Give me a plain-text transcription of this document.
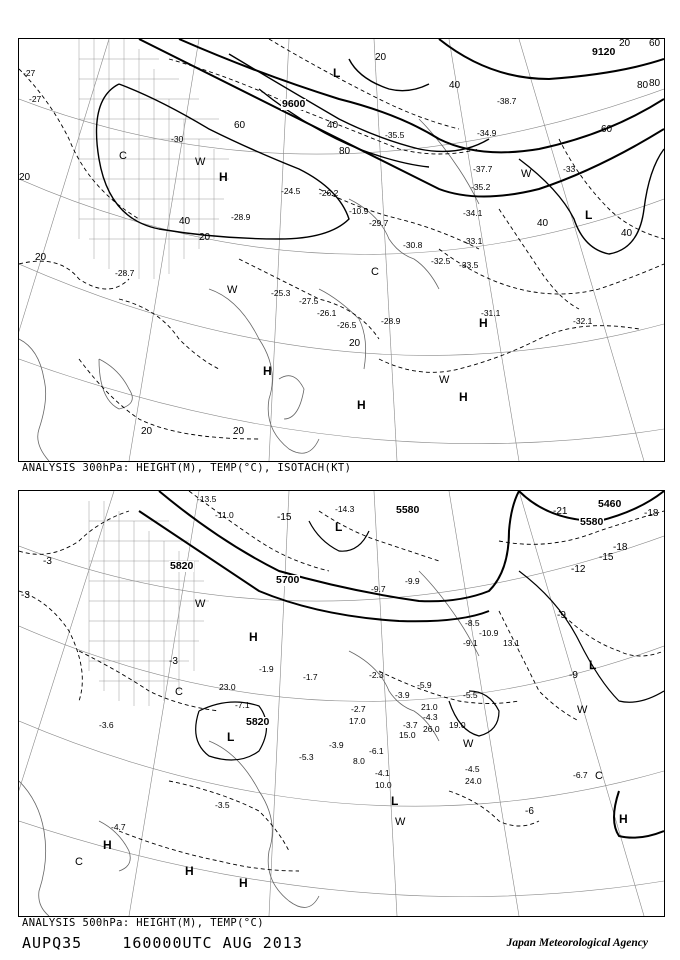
9600
9120
20
20
40
40
60
60
80
80
40
40
20
20
20	20
20
60
80
40
20
H
L
H
H
H
H
W
W
W
W
C
C
L
-27
-27
-28.7
-28.9
-24.5
-25.3
-27.5
-26.1
-26.5	-28.9
-31.1
-32.1
-30.8
-32.5
-33.1
-33.5
-35.2
-34.1
-37.7
-34.9
-35.5
-38.7
-30
-33
-29.7
-10.9
-26.2
ANALYSIS 300hPa: HEIGHT(M), TEMP(°C), ISOTACH(KT)
5820
5700
5820
5580	5460
5580
-3
-3
-3
-15
-18
-12
-9
-6
-9
-21
-15
-18
H
H
H
H
H
L
L
L
L
W
W
W
W
C
C
C
-13.5
-11.0
-14.3
-9.9
-9.7
-9.1
-10.9
-8.5
-5.9
-5.5
-4.3
-3.9
-2.7
-1.7
-1.9
-2.3
-3.7
-4.5
-6.7
-3.5
-3.9
-5.3
-4.7
-6.1
-4.1
-7.1
-3.6
24.0
19.0
15.0
10.0
8.0
17.0
21.0
23.0
26.0
13.1
ANALYSIS 500hPa: HEIGHT(M), TEMP(°C)
AUPQ35	160000UTC AUG 2013	Japan Meteorological Agency
